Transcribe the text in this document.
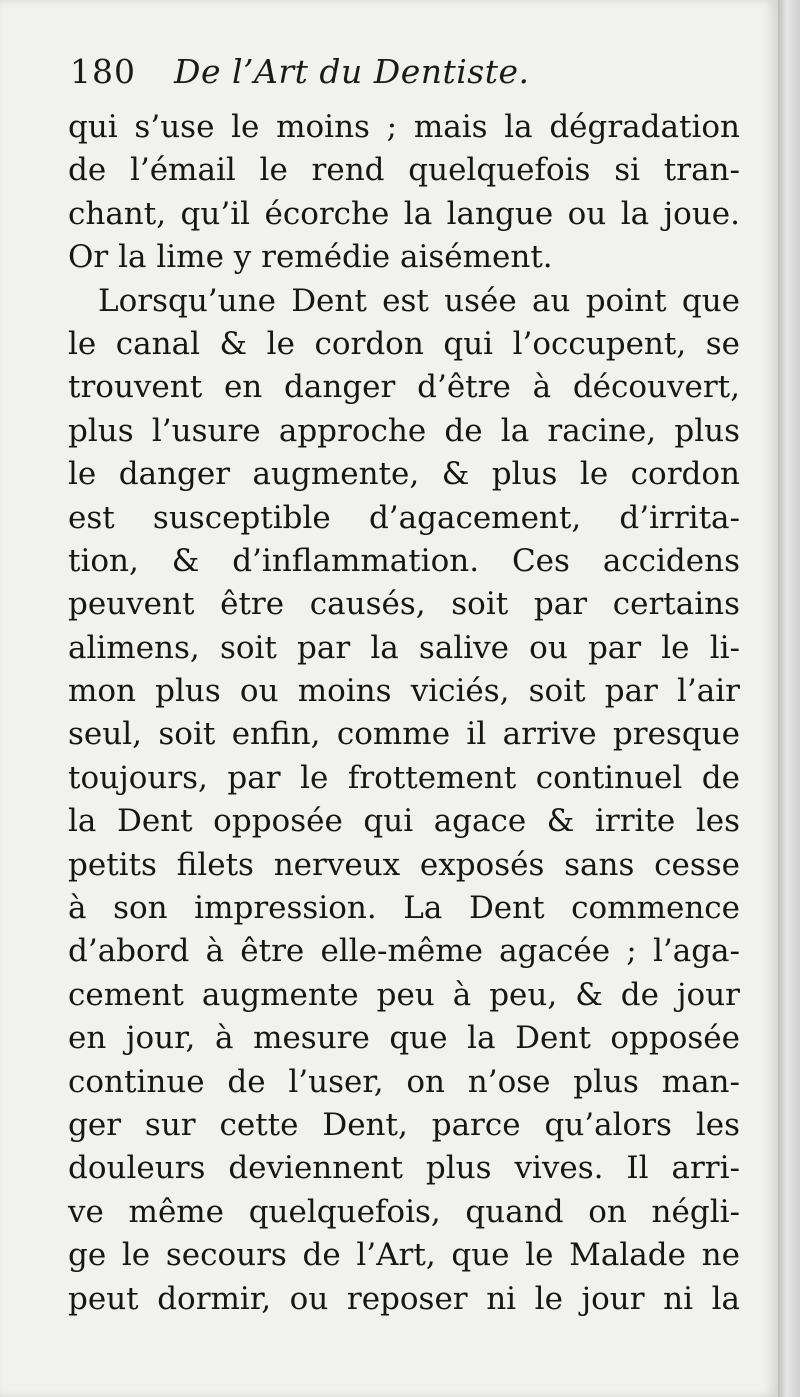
180 De l’Art du Dentiste.
qui s’use le moins ; mais la dégradation
de l’émail le rend quelquefois si tran-
chant, qu’il écorche la langue ou la joue.
Or la lime y remédie aisément.
Lorsqu’une Dent est usée au point que
le canal & le cordon qui l’occupent, se
trouvent en danger d’être à découvert,
plus l’usure approche de la racine, plus
le danger augmente, & plus le cordon
est susceptible d’agacement, d’irrita-
tion, & d’inflammation. Ces accidens
peuvent être causés, soit par certains
alimens, soit par la salive ou par le li-
mon plus ou moins viciés, soit par l’air
seul, soit enfin, comme il arrive presque
toujours, par le frottement continuel de
la Dent opposée qui agace & irrite les
petits filets nerveux exposés sans cesse
à son impression. La Dent commence
d’abord à être elle-même agacée ; l’aga-
cement augmente peu à peu, & de jour
en jour, à mesure que la Dent opposée
continue de l’user, on n’ose plus man-
ger sur cette Dent, parce qu’alors les
douleurs deviennent plus vives. Il arri-
ve même quelquefois, quand on négli-
ge le secours de l’Art, que le Malade ne
peut dormir, ou reposer ni le jour ni la
